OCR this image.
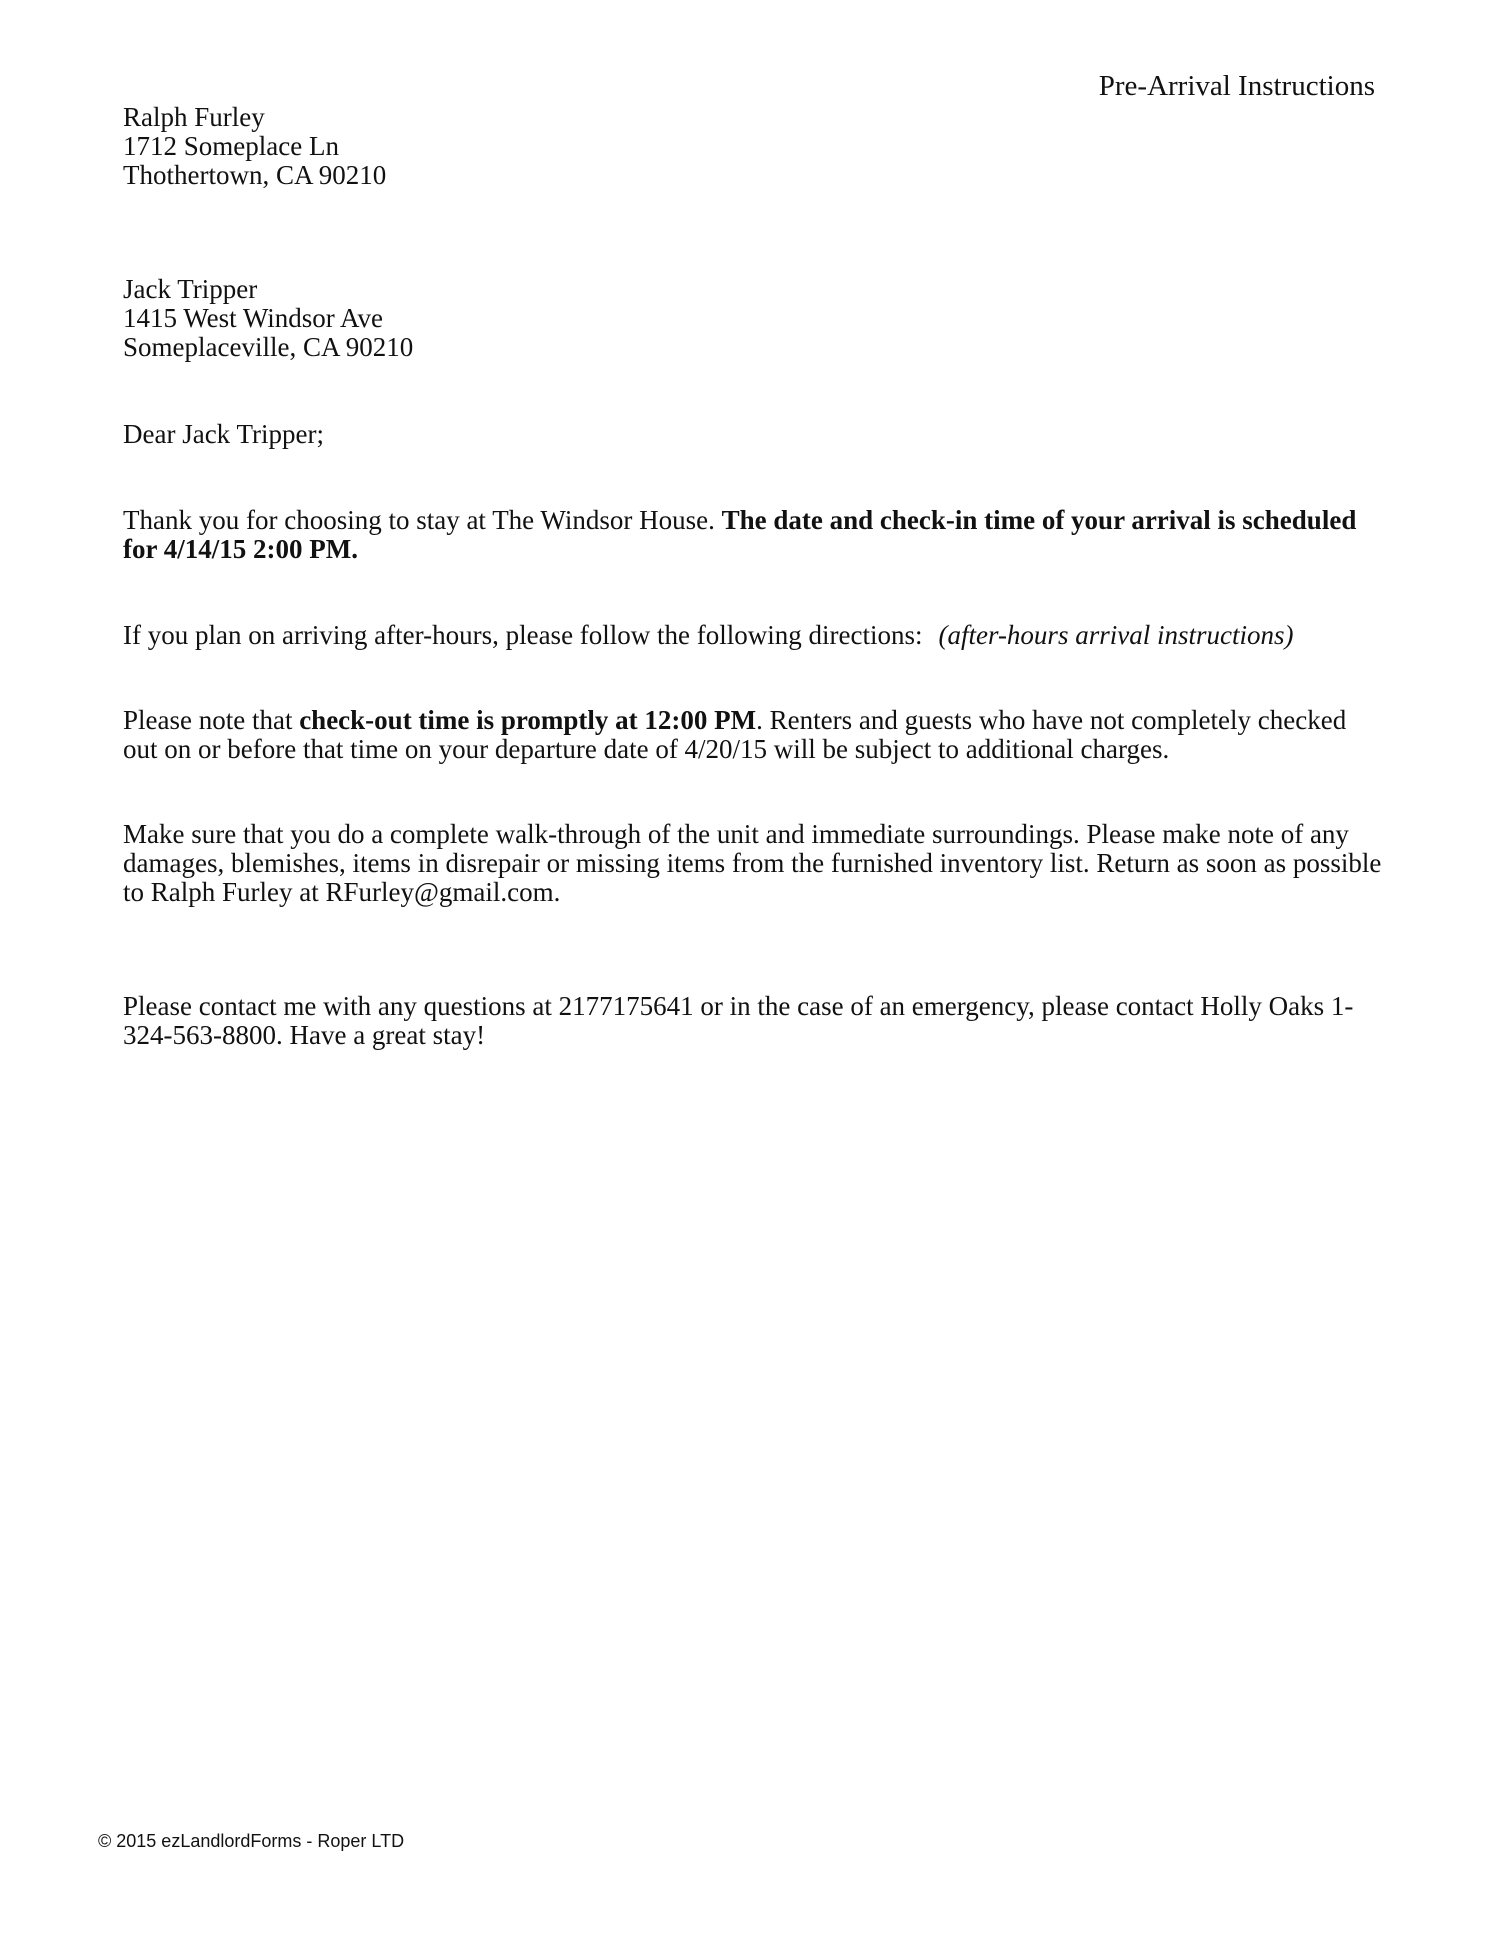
Pre-Arrival Instructions
Ralph Furley
1712 Someplace Ln
Thothertown, CA 90210
Jack Tripper
1415 West Windsor Ave
Someplaceville, CA 90210
Dear Jack Tripper;
Thank you for choosing to stay at The Windsor House. The date and check-in time of your arrival is scheduled for 4/14/15 2:00 PM.
If you plan on arriving after-hours, please follow the following directions: (after-hours arrival instructions)
Please note that check-out time is promptly at 12:00 PM. Renters and guests who have not completely checked out on or before that time on your departure date of 4/20/15 will be subject to additional charges.
Make sure that you do a complete walk-through of the unit and immediate surroundings. Please make note of any damages, blemishes, items in disrepair or missing items from the furnished inventory list. Return as soon as possible to Ralph Furley at RFurley@gmail.com.
Please contact me with any questions at 2177175641 or in the case of an emergency, please contact Holly Oaks 1-324-563-8800. Have a great stay!
© 2015 ezLandlordForms - Roper LTD
